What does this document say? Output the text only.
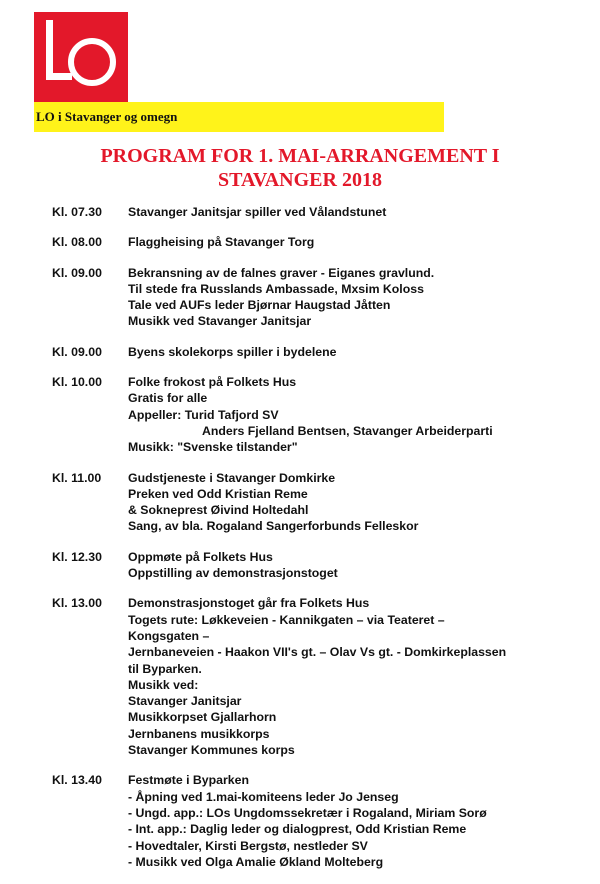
LO i Stavanger og omegn
PROGRAM FOR 1. MAI-ARRANGEMENT I
STAVANGER 2018
Kl. 07.30	Stavanger Janitsjar spiller ved Vålandstunet
Kl. 08.00	Flaggheising på Stavanger Torg
Kl. 09.00	Bekransning av de falnes graver - Eiganes gravlund.
Til stede fra Russlands Ambassade, Mxsim Koloss
Tale ved AUFs leder Bjørnar Haugstad Jåtten
Musikk ved Stavanger Janitsjar
Kl. 09.00	Byens skolekorps spiller i bydelene
Kl. 10.00	Folke frokost på Folkets Hus
Gratis for alle
Appeller: Turid Tafjord SV
Anders Fjelland Bentsen, Stavanger Arbeiderparti
Musikk: "Svenske tilstander"
Kl. 11.00	Gudstjeneste i Stavanger Domkirke
Preken ved Odd Kristian Reme
& Sokneprest Øivind Holtedahl
Sang, av bla. Rogaland Sangerforbunds Felleskor
Kl. 12.30	Oppmøte på Folkets Hus
Oppstilling av demonstrasjonstoget
Kl. 13.00	Demonstrasjonstoget går fra Folkets Hus
Togets rute: Løkkeveien - Kannikgaten – via Teateret –
Kongsgaten –
Jernbaneveien - Haakon VII's gt. – Olav Vs gt. - Domkirkeplassen
til Byparken.
Musikk ved:
Stavanger Janitsjar
Musikkorpset Gjallarhorn
Jernbanens musikkorps
Stavanger Kommunes korps
Kl. 13.40	Festmøte i Byparken
- Åpning ved 1.mai-komiteens leder Jo Jenseg
- Ungd. app.: LOs Ungdomssekretær i Rogaland, Miriam Sorø
- Int. app.: Daglig leder og dialogprest, Odd Kristian Reme
- Hovedtaler, Kirsti Bergstø, nestleder SV
- Musikk ved Olga Amalie Økland Molteberg
